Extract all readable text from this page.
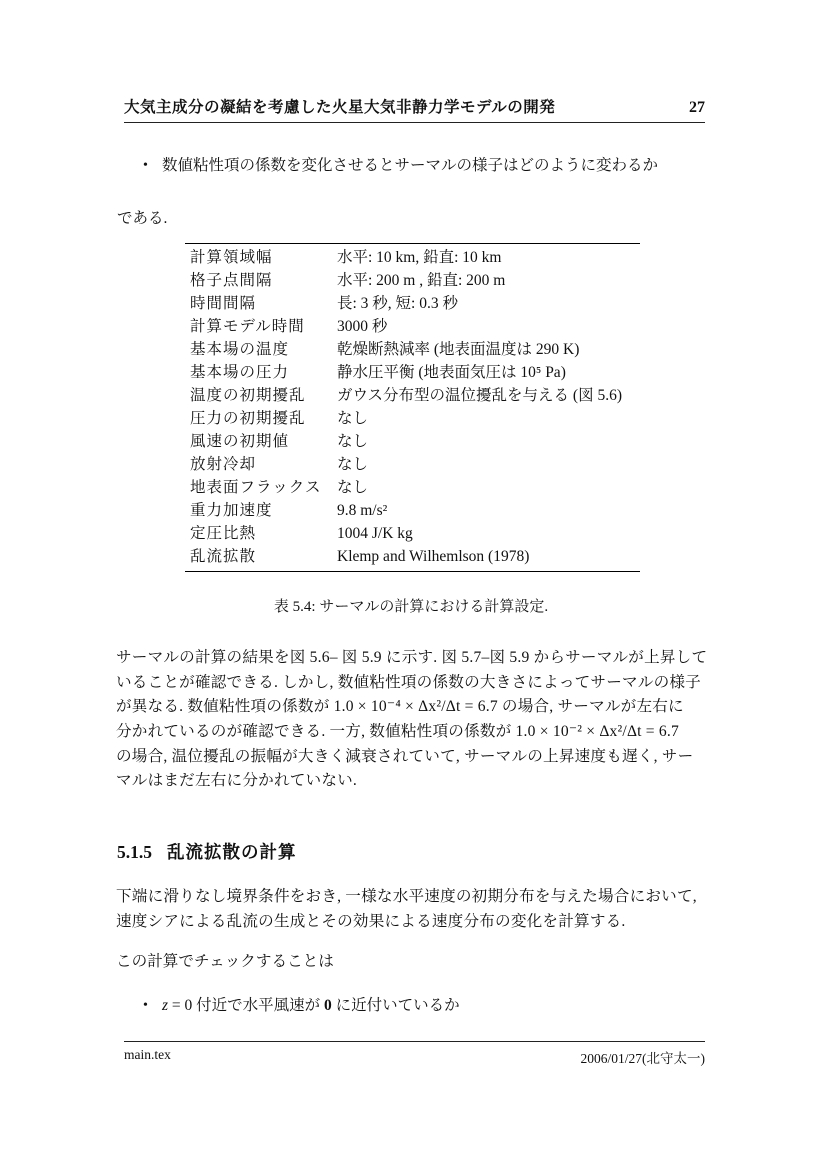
大気主成分の凝結を考慮した火星大気非静力学モデルの開発	27
• 数値粘性項の係数を変化させるとサーマルの様子はどのように変わるか
である.
計算領域幅	水平: 10 km, 鉛直: 10 km
格子点間隔	水平: 200 m , 鉛直: 200 m
時間間隔	長: 3 秒, 短: 0.3 秒
計算モデル時間	3000 秒
基本場の温度	乾燥断熱減率 (地表面温度は 290 K)
基本場の圧力	静水圧平衡 (地表面気圧は 10⁵ Pa)
温度の初期擾乱	ガウス分布型の温位擾乱を与える (図 5.6)
圧力の初期擾乱	なし
風速の初期値	なし
放射冷却	なし
地表面フラックス なし
重力加速度	9.8 m/s²
定圧比熱	1004 J/K kg
乱流拡散	Klemp and Wilhemlson (1978)
表 5.4: サーマルの計算における計算設定.
サーマルの計算の結果を図 5.6– 図 5.9 に示す. 図 5.7–図 5.9 からサーマルが上昇して
いることが確認できる. しかし, 数値粘性項の係数の大きさによってサーマルの様子
が異なる. 数値粘性項の係数が 1.0 × 10⁻⁴ × Δx²/Δt = 6.7 の場合, サーマルが左右に
分かれているのが確認できる. 一方, 数値粘性項の係数が 1.0 × 10⁻² × Δx²/Δt = 6.7
の場合, 温位擾乱の振幅が大きく減衰されていて, サーマルの上昇速度も遅く, サー
マルはまだ左右に分かれていない.
5.1.5 乱流拡散の計算
下端に滑りなし境界条件をおき, 一様な水平速度の初期分布を与えた場合において,
速度シアによる乱流の生成とその効果による速度分布の変化を計算する.
この計算でチェックすることは
• z = 0 付近で水平風速が 0 に近付いているか
main.tex	2006/01/27(北守太一)
